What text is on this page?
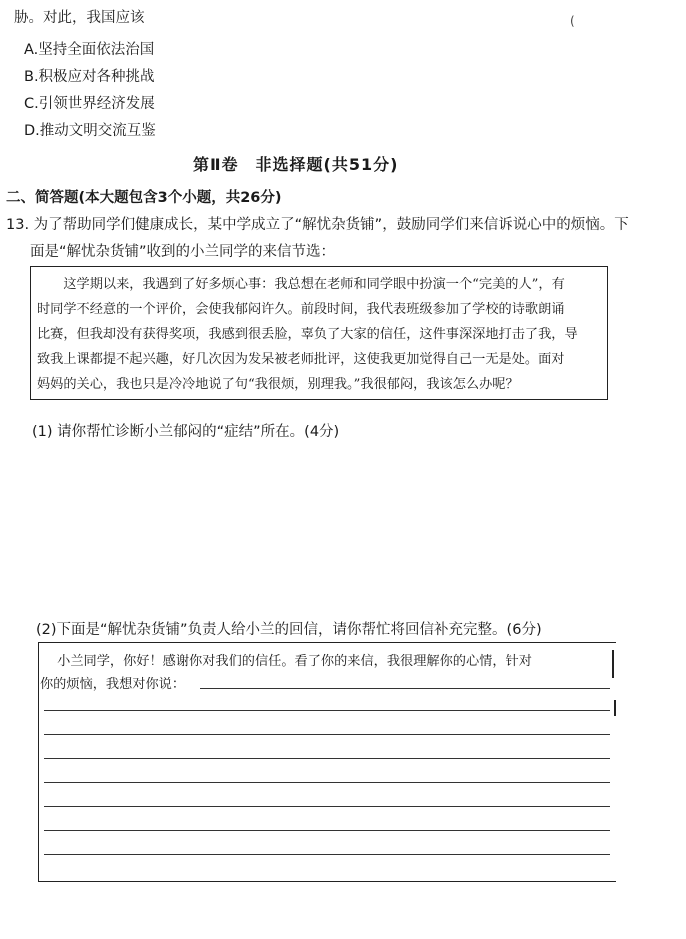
胁。对此，我国应该	(
A.坚持全面依法治国
B.积极应对各种挑战
C.引领世界经济发展
D.推动文明交流互鉴
第Ⅱ卷　非选择题(共51分)
二、简答题(本大题包含3个小题，共26分)
13. 为了帮助同学们健康成长，某中学成立了“解忧杂货铺”，鼓励同学们来信诉说心中的烦恼。下
面是“解忧杂货铺”收到的小兰同学的来信节选：
　　这学期以来，我遇到了好多烦心事：我总想在老师和同学眼中扮演一个“完美的人”，有
时同学不经意的一个评价，会使我郁闷许久。前段时间，我代表班级参加了学校的诗歌朗诵
比赛，但我却没有获得奖项，我感到很丢脸，辜负了大家的信任，这件事深深地打击了我，导
致我上课都提不起兴趣，好几次因为发呆被老师批评，这使我更加觉得自己一无是处。面对
妈妈的关心，我也只是冷冷地说了句“我很烦，别理我。”我很郁闷，我该怎么办呢？
(1) 请你帮忙诊断小兰郁闷的“症结”所在。(4分)
(2)下面是“解忧杂货铺”负责人给小兰的回信，请你帮忙将回信补充完整。(6分)
　小兰同学，你好！感谢你对我们的信任。看了你的来信，我很理解你的心情，针对
你的烦恼，我想对你说：
